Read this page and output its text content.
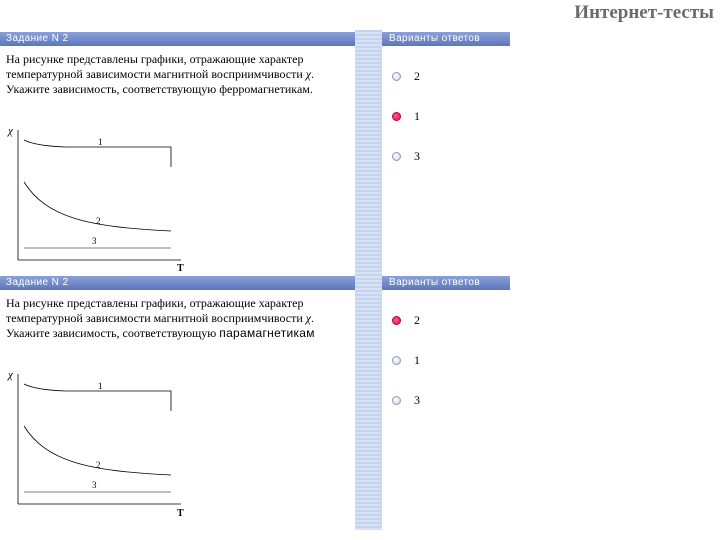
Интернет-тесты
Задание N 2
На рисунке представлены графики, отражающие характер температурной зависимости магнитной восприимчивости χ. Укажите зависимость, соответствующую ферромагнетикам.
χ
T
1
2
3
Варианты ответов
2
1
3
Задание N 2
На рисунке представлены графики, отражающие характер температурной зависимости магнитной восприимчивости χ. Укажите зависимость, соответствующую парамагнетикам
χ
T
1
2
3
Варианты ответов
2
1
3
